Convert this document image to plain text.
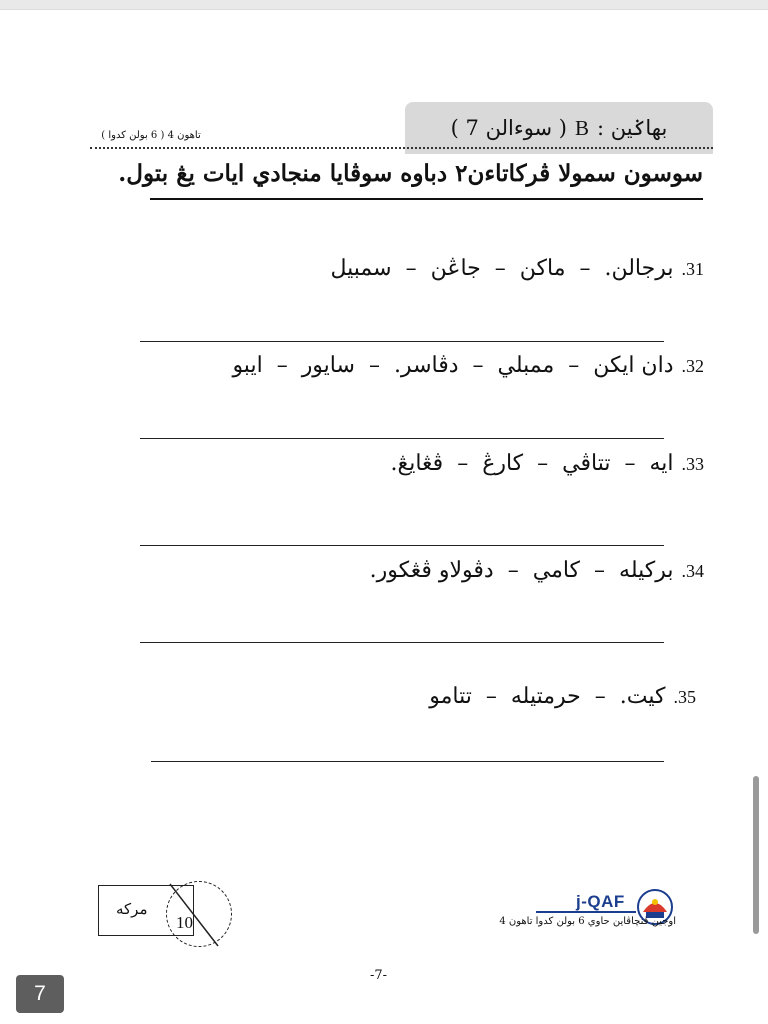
بهاݢين :
B
( سوءالن 7 )
تاهون 4 ( 6 بولن كدوا )
سوسون سمولا ڤركاتاءن٢ دباوه سوڤايا منجادي ايات يڠ بتول.
31.
برجالن.
–
ماكن
–
جاڠن
–
سمبيل
32.
دان ايكن
–
ممبلي
–
دڤاسر.
–
سايور
–
ايبو
33.
ايه
–
تتاڤي
–
كارڠ
–
ڤڠايڠ.
34.
بركيله
–
كامي
–
دڤولاو ڤڠكور.
35.
كيت.
–
حرمتيله
–
تتامو
مركه
10
j-QAF
اوجين ڤنچاڤاين حاوي 6 بولن كدوا تاهون 4
-7-
7
